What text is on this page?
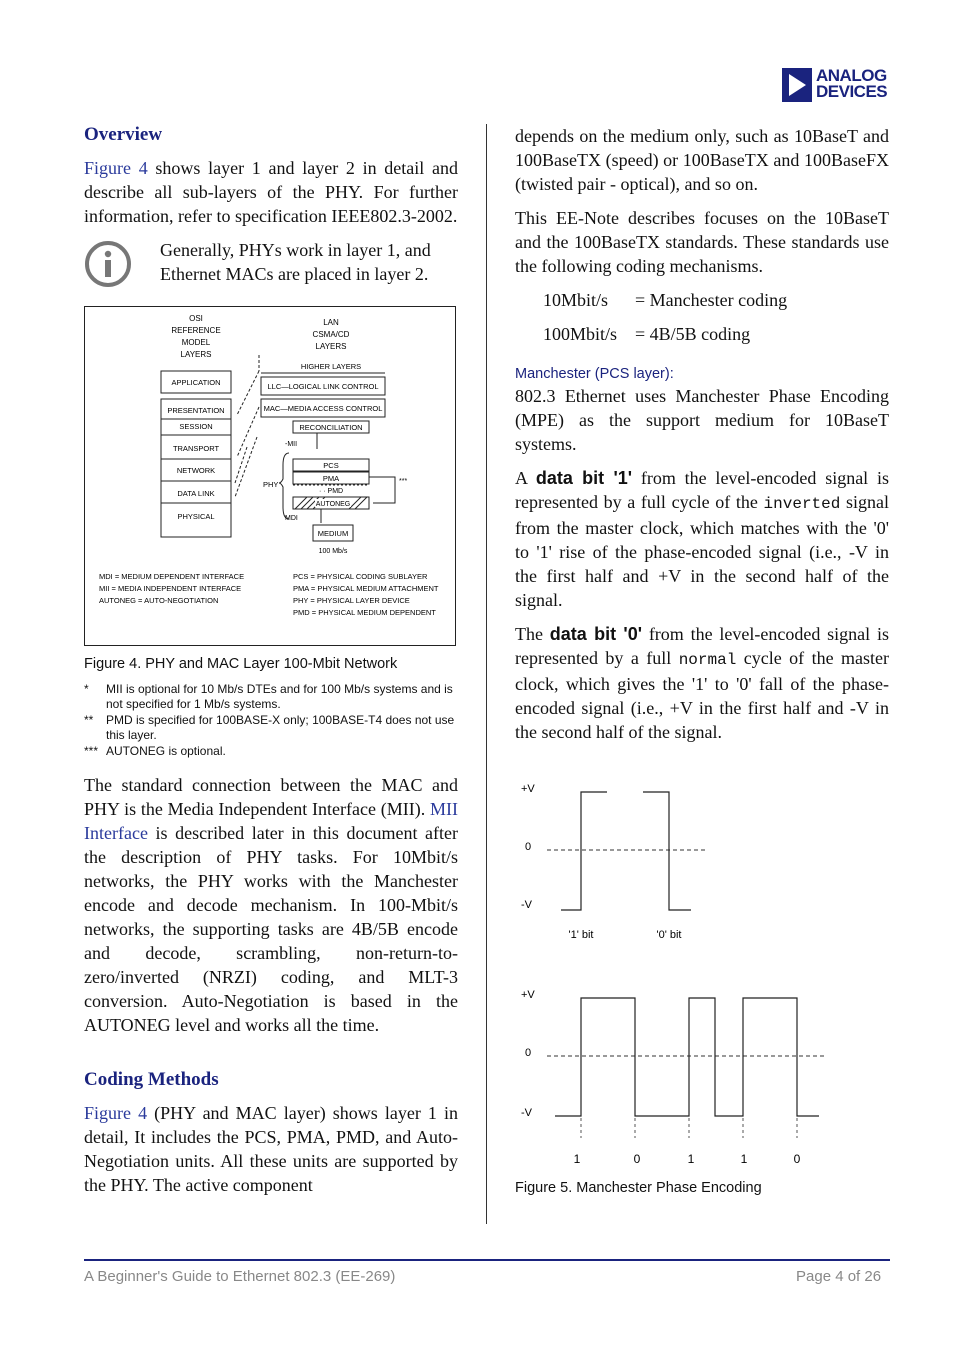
ANALOG
DEVICES
Overview

Figure 4 shows layer 1 and layer 2 in detail and describe all sub-layers of the PHY. For further information, refer to specification IEEE802.3-2002.

Generally, PHYs work in layer 1, and Ethernet MACs are placed in layer 2.

OSI
REFERENCE
MODEL
LAYERS
LAN
CSMA/CD
LAYERS
APPLICATION
PRESENTATION
SESSION
TRANSPORT
NETWORK
DATA LINK
PHYSICAL
HIGHER LAYERS
LLC—LOGICAL LINK CONTROL
MAC—MEDIA ACCESS CONTROL
RECONCILIATION
-MII
PCS
PMA
· · PMD
AUTONEG
***
PHY
MDI
MEDIUM
100 Mb/s
MDI = MEDIUM DEPENDENT INTERFACE
MII = MEDIA INDEPENDENT INTERFACE
AUTONEG = AUTO-NEGOTIATION
PCS = PHYSICAL CODING SUBLAYER
PMA = PHYSICAL MEDIUM ATTACHMENT
PHY = PHYSICAL LAYER DEVICE
PMD = PHYSICAL MEDIUM DEPENDENT
Figure 4. PHY and MAC Layer 100-Mbit Network
*	MII is optional for 10 Mb/s DTEs and for 100 Mb/s systems and is not specified for 1 Mb/s systems.
**	PMD is specified for 100BASE-X only; 100BASE-T4 does not use this layer.
*** AUTONEG is optional.

The standard connection between the MAC and PHY is the Media Independent Interface (MII). MII Interface is described later in this document after the description of PHY tasks. For 10Mbit/s networks, the PHY works with the Manchester encode and decode mechanism. In 100-Mbit/s networks, the supporting tasks are 4B/5B encode and decode, scrambling, non-return-to-zero/inverted (NRZI) coding, and MLT-3 conversion. Auto-Negotiation is based in the AUTONEG level and works all the time.

Coding Methods

Figure 4 (PHY and MAC layer) shows layer 1 in detail, It includes the PCS, PMA, PMD, and Auto-Negotiation units. All these units are supported by the PHY. The active component

depends on the medium only, such as 10BaseT and 100BaseTX (speed) or 100BaseTX and 100BaseFX (twisted pair - optical), and so on.

This EE-Note describes focuses on the 10BaseT and the 100BaseTX standards. These standards use the following coding mechanisms.

10Mbit/s	= Manchester coding
100Mbit/s = 4B/5B coding
Manchester (PCS layer):

802.3 Ethernet uses Manchester Phase Encoding (MPE) as the support medium for 10BaseT systems.

A data bit '1' from the level-encoded signal is represented by a full cycle of the inverted signal from the master clock, which matches with the '0' to '1' rise of the phase-encoded signal (i.e., -V in the first half and +V in the second half of the signal.

The data bit '0' from the level-encoded signal is represented by a full normal cycle of the master clock, which gives the '1' to '0' fall of the phase-encoded signal (i.e., +V in the first half and -V in the second half of the signal.

+V
0
-V
'1' bit	'0' bit
+V
0
-V
1	0	1	1	0
Figure 5. Manchester Phase Encoding
A Beginner's Guide to Ethernet 802.3 (EE-269)	Page 4 of 26
